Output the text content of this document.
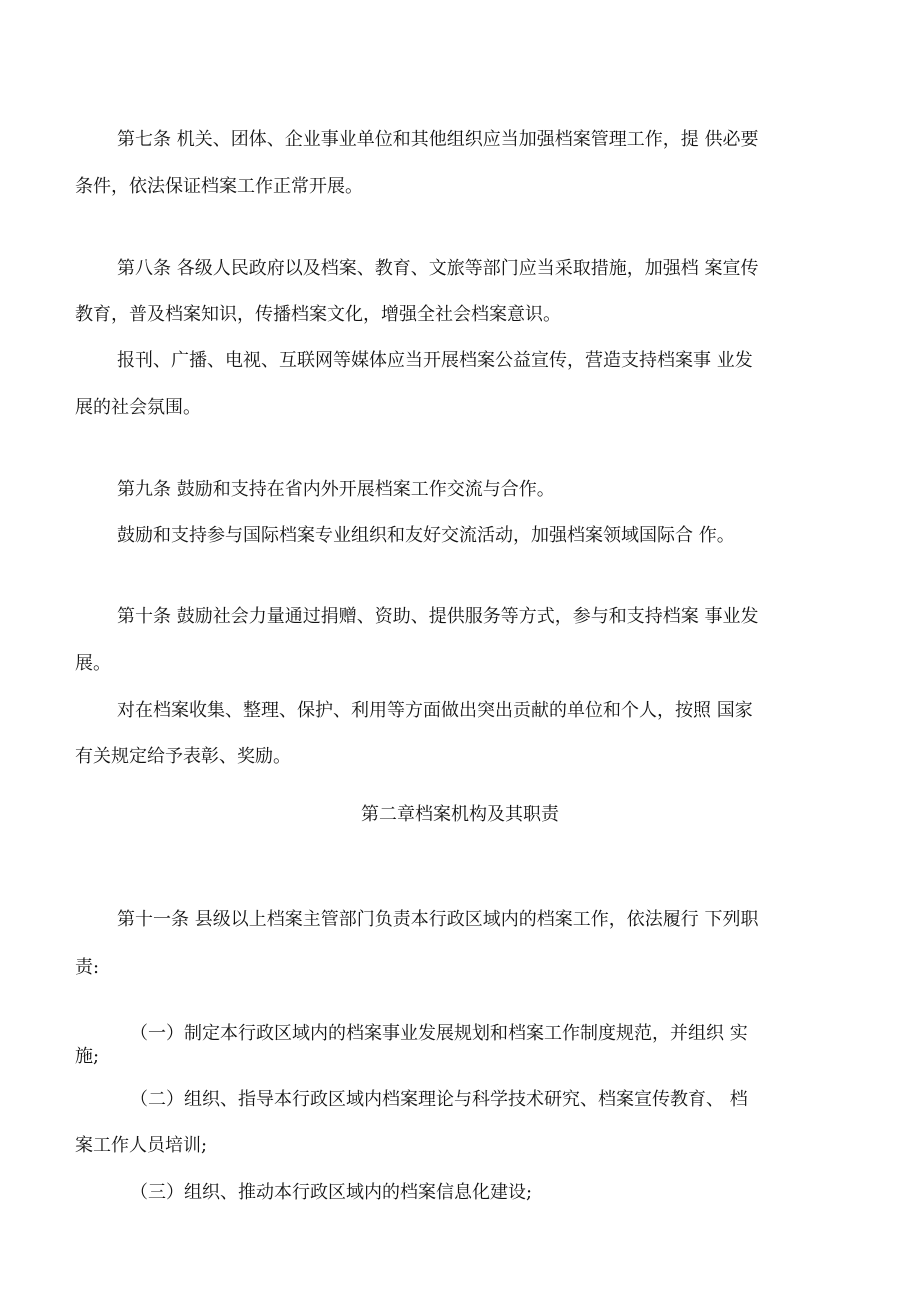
第七条 机关、团体、企业事业单位和其他组织应当加强档案管理工作，提 供必要
条件，依法保证档案工作正常开展。
第八条 各级人民政府以及档案、教育、文旅等部门应当采取措施，加强档 案宣传
教育，普及档案知识，传播档案文化，增强全社会档案意识。
报刊、广播、电视、互联网等媒体应当开展档案公益宣传，营造支持档案事 业发
展的社会氛围。
第九条 鼓励和支持在省内外开展档案工作交流与合作。
鼓励和支持参与国际档案专业组织和友好交流活动，加强档案领域国际合 作。
第十条 鼓励社会力量通过捐赠、资助、提供服务等方式，参与和支持档案 事业发
展。
对在档案收集、整理、保护、利用等方面做出突出贡献的单位和个人，按照 国家
有关规定给予表彰、奖励。
第二章档案机构及其职责
第十一条 县级以上档案主管部门负责本行政区域内的档案工作，依法履行 下列职
责:
（一）制定本行政区域内的档案事业发展规划和档案工作制度规范，并组织 实
施;
（二）组织、指导本行政区域内档案理论与科学技术研究、档案宣传教育、 档
案工作人员培训;
（三）组织、推动本行政区域内的档案信息化建设;
